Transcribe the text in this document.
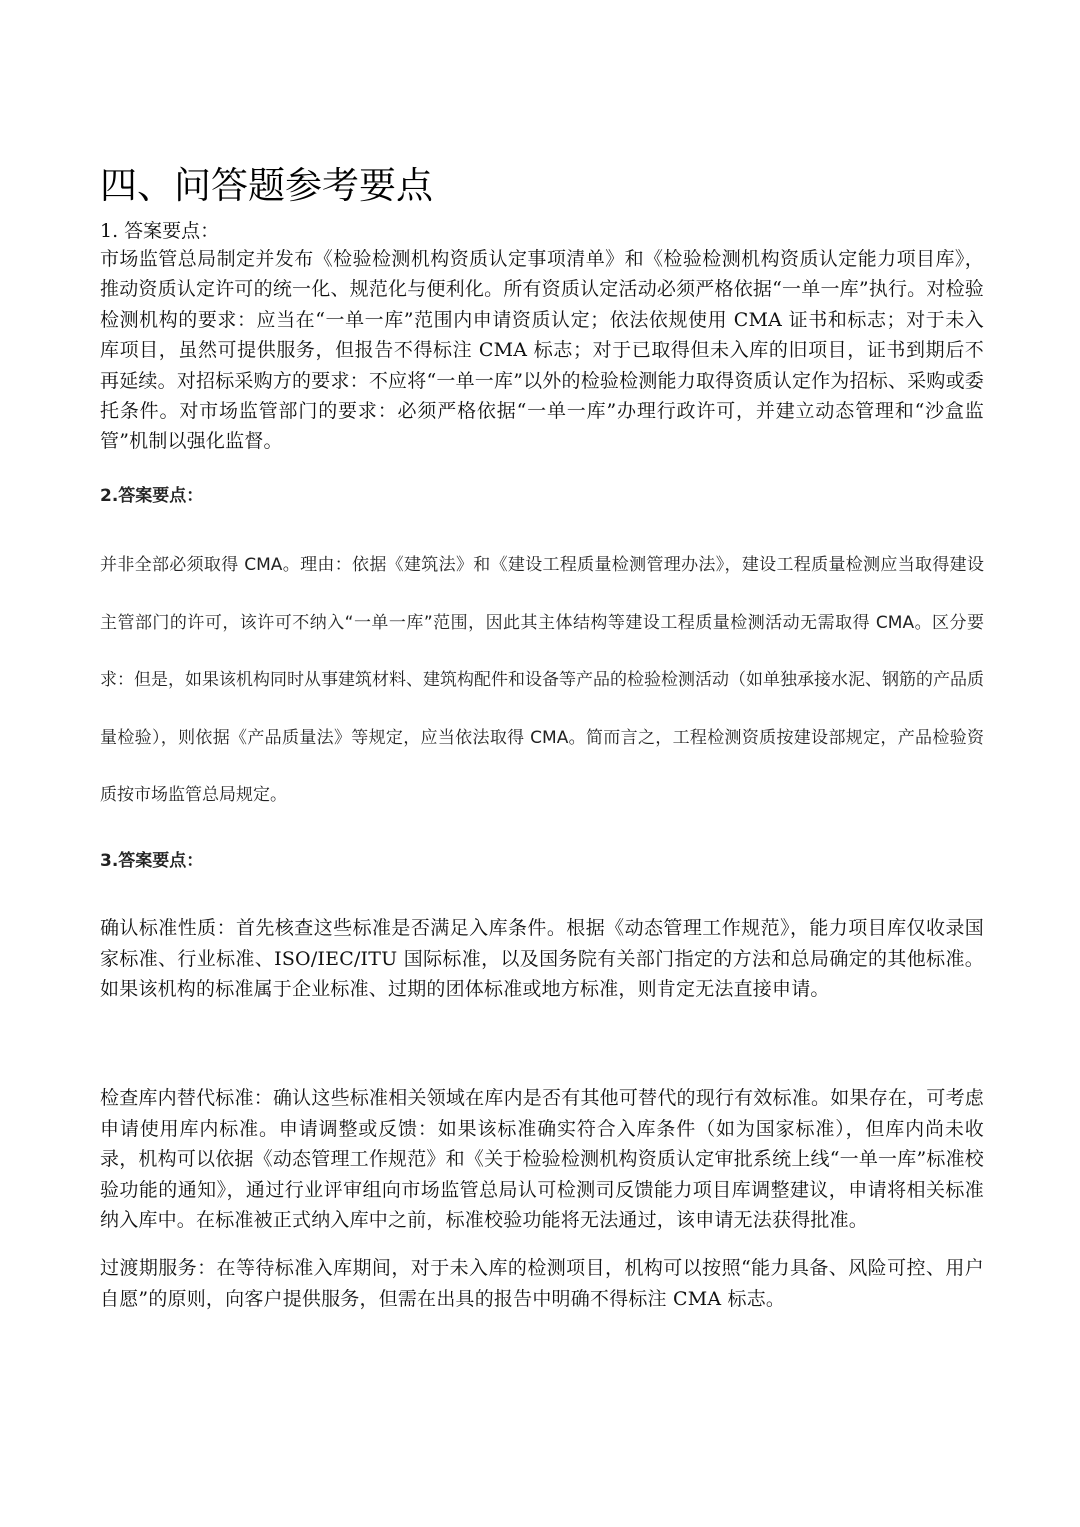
四、问答题参考要点
1. 答案要点：

市场监管总局制定并发布《检验检测机构资质认定事项清单》和《检验检测机构资质认定能力项目库》，推动资质认定许可的统一化、规范化与便利化。所有资质认定活动必须严格依据“一单一库”执行。对检验检测机构的要求：应当在“一单一库”范围内申请资质认定；依法依规使用 CMA 证书和标志；对于未入库项目，虽然可提供服务，但报告不得标注 CMA 标志；对于已取得但未入库的旧项目，证书到期后不再延续。对招标采购方的要求：不应将“一单一库”以外的检验检测能力取得资质认定作为招标、采购或委托条件。对市场监管部门的要求：必须严格依据“一单一库”办理行政许可，并建立动态管理和“沙盒监管”机制以强化监督。

2.答案要点：

并非全部必须取得 CMA。理由：依据《建筑法》和《建设工程质量检测管理办法》，建设工程质量检测应当取得建设主管部门的许可，该许可不纳入“一单一库”范围，因此其主体结构等建设工程质量检测活动无需取得 CMA。区分要求：但是，如果该机构同时从事建筑材料、建筑构配件和设备等产品的检验检测活动（如单独承接水泥、钢筋的产品质量检验），则依据《产品质量法》等规定，应当依法取得 CMA。简而言之，工程检测资质按建设部规定，产品检验资质按市场监管总局规定。

3.答案要点：

确认标准性质：首先核查这些标准是否满足入库条件。根据《动态管理工作规范》，能力项目库仅收录国家标准、行业标准、ISO/IEC/ITU 国际标准，以及国务院有关部门指定的方法和总局确定的其他标准。如果该机构的标准属于企业标准、过期的团体标准或地方标准，则肯定无法直接申请。

检查库内替代标准：确认这些标准相关领域在库内是否有其他可替代的现行有效标准。如果存在，可考虑申请使用库内标准。申请调整或反馈：如果该标准确实符合入库条件（如为国家标准），但库内尚未收录，机构可以依据《动态管理工作规范》和《关于检验检测机构资质认定审批系统上线“一单一库”标准校验功能的通知》，通过行业评审组向市场监管总局认可检测司反馈能力项目库调整建议，申请将相关标准纳入库中。在标准被正式纳入库中之前，标准校验功能将无法通过，该申请无法获得批准。

过渡期服务：在等待标准入库期间，对于未入库的检测项目，机构可以按照“能力具备、风险可控、用户自愿”的原则，向客户提供服务，但需在出具的报告中明确不得标注 CMA 标志。
